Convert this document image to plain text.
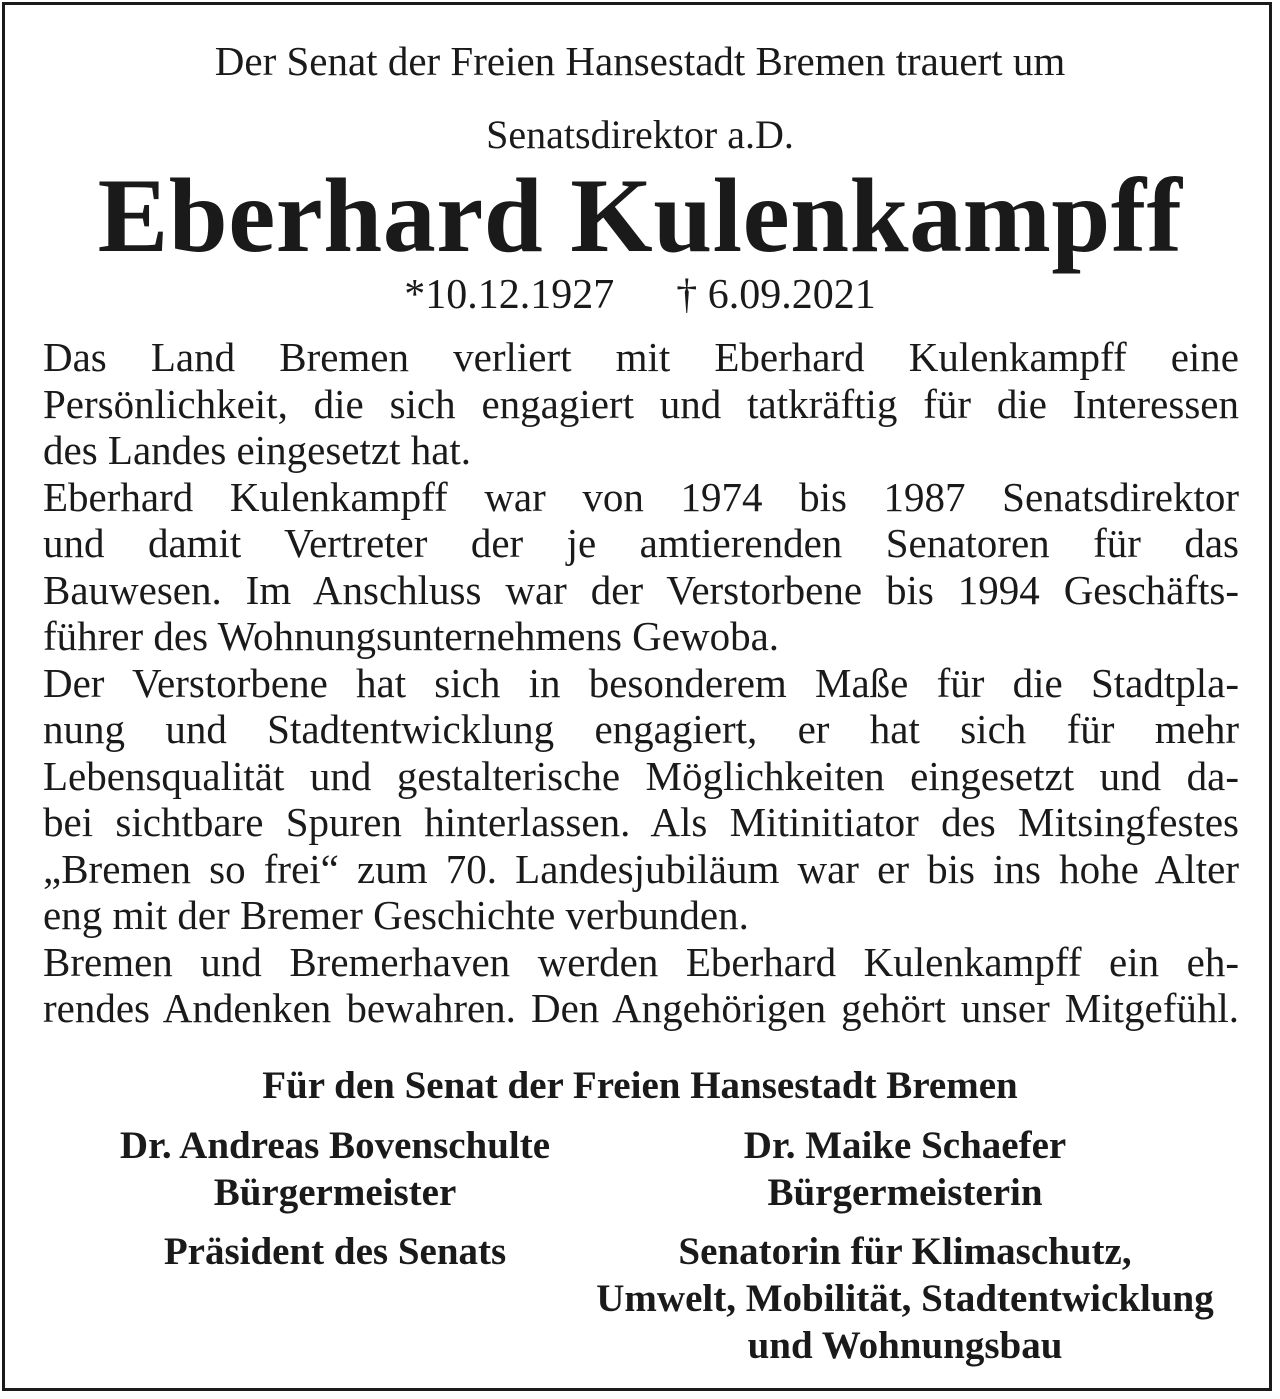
Der Senat der Freien Hansestadt Bremen trauert um
Senatsdirektor a.D.
Eberhard Kulenkampff
*10.12.1927 † 6.09.2021
Das Land Bremen verliert mit Eberhard Kulenkampff eine
Persönlichkeit, die sich engagiert und tatkräftig für die Interessen
des Landes eingesetzt hat.
Eberhard Kulenkampff war von 1974 bis 1987 Senatsdirektor
und damit Vertreter der je amtierenden Senatoren für das
Bauwesen. Im Anschluss war der Verstorbene bis 1994 Geschäfts-
führer des Wohnungsunternehmens Gewoba.
Der Verstorbene hat sich in besonderem Maße für die Stadtpla-
nung und Stadtentwicklung engagiert, er hat sich für mehr
Lebensqualität und gestalterische Möglichkeiten eingesetzt und da-
bei sichtbare Spuren hinterlassen. Als Mitinitiator des Mitsingfestes
„Bremen so frei“ zum 70. Landesjubiläum war er bis ins hohe Alter
eng mit der Bremer Geschichte verbunden.
Bremen und Bremerhaven werden Eberhard Kulenkampff ein eh-
rendes Andenken bewahren. Den Angehörigen gehört unser Mitgefühl.
Für den Senat der Freien Hansestadt Bremen
Dr. Andreas Bovenschulte
Bürgermeister
Präsident des Senats
Dr. Maike Schaefer
Bürgermeisterin
Senatorin für Klimaschutz,
Umwelt, Mobilität, Stadtentwicklung
und Wohnungsbau
